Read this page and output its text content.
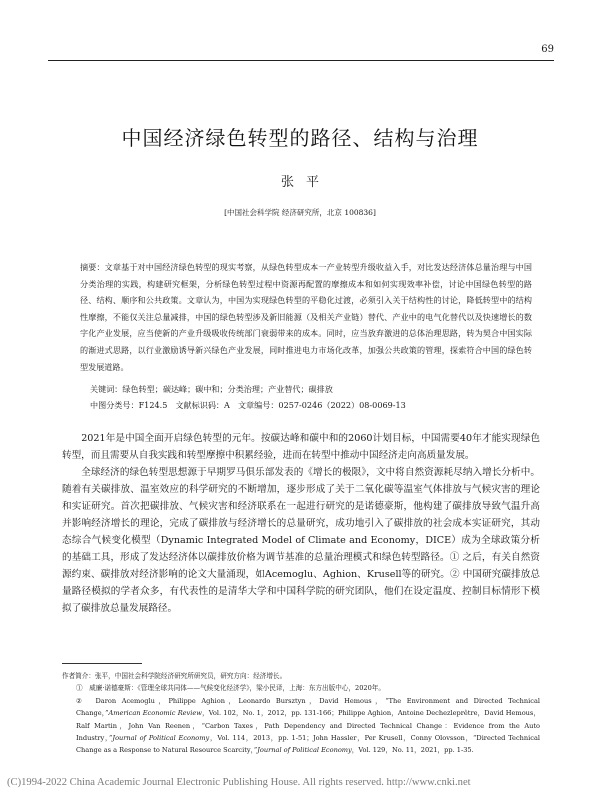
69
中国经济绿色转型的路径、结构与治理
张平
[中国社会科学院 经济研究所，北京 100836]

摘要：文章基于对中国经济绿色转型的现实考察，从绿色转型成本一产业转型升级收益入手，对比发达经济体总量治理与中国分类治理的实践，构建研究框架，分析绿色转型过程中资源再配置的摩擦成本和如何实现效率补偿，讨论中国绿色转型的路径、结构、顺序和公共政策。文章认为，中国为实现绿色转型的平稳化过渡，必须引入关于结构性的讨论，降低转型中的结构性摩擦，不能仅关注总量减排，中国的绿色转型涉及新旧能源（及相关产业链）替代、产业中的电气化替代以及快速增长的数字化产业发展，应当使新的产业升级吸收传统部门衰弱带来的成本。同时，应当放弃激进的总体治理思路，转为契合中国实际的渐进式思路，以行业激励诱导新兴绿色产业发展，同时推进电力市场化改革，加强公共政策的管理，探索符合中国的绿色转型发展道路。

关键词：绿色转型；碳达峰；碳中和；分类治理；产业替代；碳排放
中图分类号：F124.5　文献标识码：A　文章编号：0257-0246（2022）08-0069-13

2021年是中国全面开启绿色转型的元年。按碳达峰和碳中和的2060计划目标，中国需要40年才能实现绿色转型，而且需要从自我实践和转型摩擦中积累经验，进而在转型中推动中国经济走向高质量发展。

全球经济的绿色转型思想源于早期罗马俱乐部发表的《增长的极限》，文中将自然资源耗尽纳入增长分析中。随着有关碳排放、温室效应的科学研究的不断增加，逐步形成了关于二氧化碳等温室气体排放与气候灾害的理论和实证研究。首次把碳排放、气候灾害和经济联系在一起进行研究的是诺德豪斯，他构建了碳排放导致气温升高并影响经济增长的理论，完成了碳排放与经济增长的总量研究，成功地引入了碳排放的社会成本实证研究，其动态综合气候变化模型（Dynamic Integrated Model of Climate and Economy，DICE）成为全球政策分析的基础工具，形成了发达经济体以碳排放价格为调节基准的总量治理模式和绿色转型路径。① 之后，有关自然资源约束、碳排放对经济影响的论文大量涌现，如Acemoglu、Aghion、Krusell等的研究。② 中国研究碳排放总量路径模拟的学者众多，有代表性的是清华大学和中国科学院的研究团队，他们在设定温度、控制目标情形下模拟了碳排放总量发展路径。

作者简介：张平，中国社会科学院经济研究所研究员，研究方向：经济增长。
①　威廉·诺德豪斯：《管理全球共同体——气候变化经济学》，梁小民译，上海：东方出版中心，2020年。
②　Daron Acemoglu，Philippe Aghion，Leonardo Bursztyn，David Hemous，“The Environment and Directed Technical Change，”American Economic Review，Vol. 102，No. 1，2012，pp. 131-166；Philippe Aghion，Antoine Dechezleprêtre，David Hemous，Ralf Martin，John Van Reenen，“Carbon Taxes，Path Dependency and Directed Technical Change：Evidence from the Auto Industry，”Journal of Political Economy，Vol. 114，2013，pp. 1-51；John Hassler，Per Krusell，Conny Olovsson，“Directed Technical Change as a Response to Natural Resource Scarcity，”Journal of Political Economy，Vol. 129，No. 11，2021，pp. 1-35.
(C)1994-2022 China Academic Journal Electronic Publishing House. All rights reserved. http://www.cnki.net
